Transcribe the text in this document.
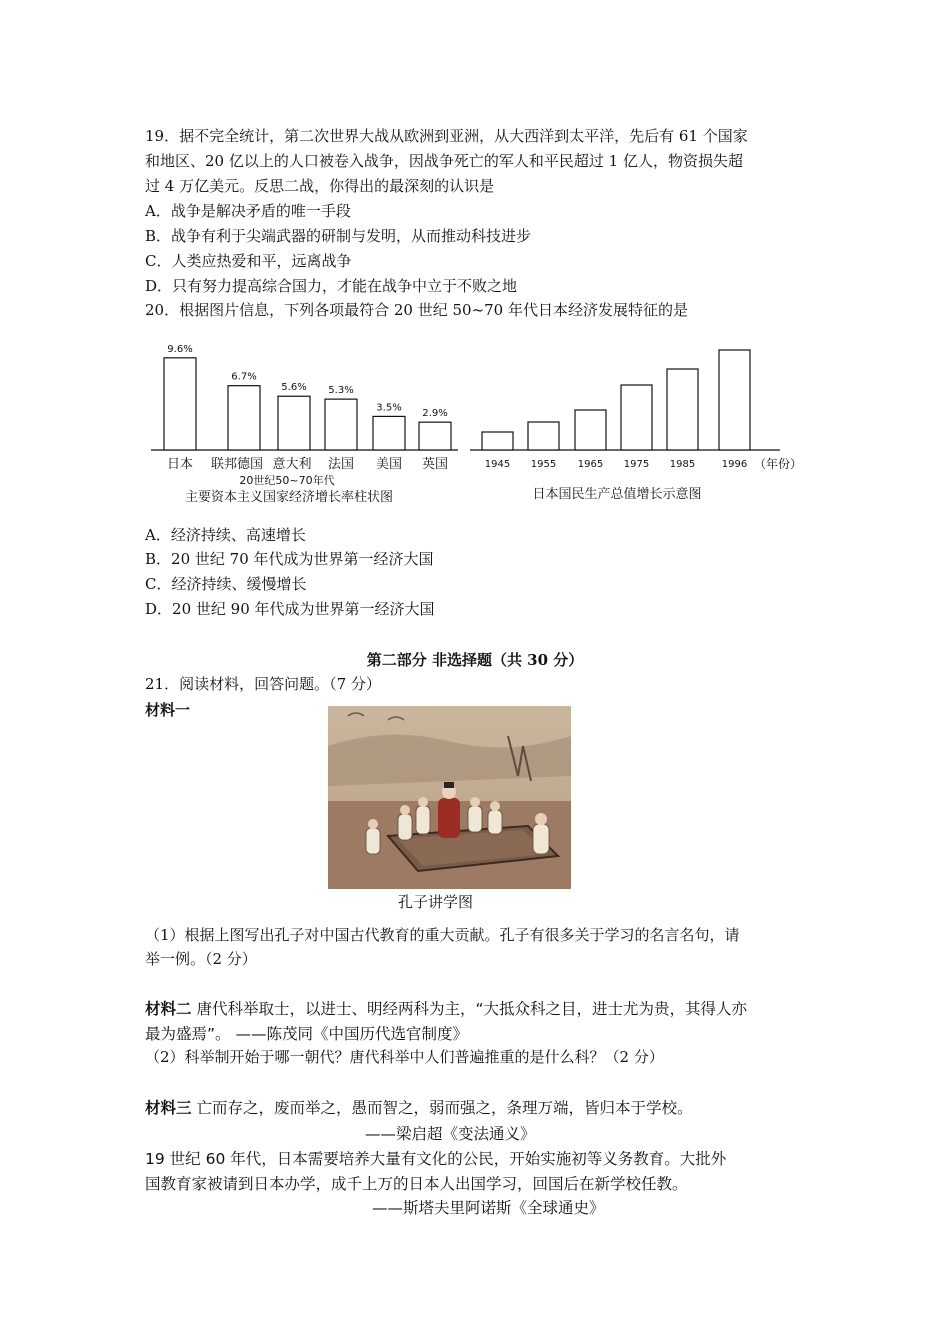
19．据不完全统计，第二次世界大战从欧洲到亚洲，从大西洋到太平洋，先后有 61 个国家
和地区、20 亿以上的人口被卷入战争，因战争死亡的军人和平民超过 1 亿人，物资损失超
过 4 万亿美元。反思二战，你得出的最深刻的认识是
A．战争是解决矛盾的唯一手段
B．战争有利于尖端武器的研制与发明，从而推动科技进步
C．人类应热爱和平，远离战争
D．只有努力提高综合国力，才能在战争中立于不败之地
20．根据图片信息，下列各项最符合 20 世纪 50~70 年代日本经济发展特征的是
9.6%
日本
6.7%
联邦德国
5.6%
意大利
5.3%
法国
3.5%
美国
2.9%
英国
20世纪50~70年代
主要资本主义国家经济增长率柱状图
1945 1955 1965 1975 1985	1996 （年份）
日本国民生产总值增长示意图
A．经济持续、高速增长
B．20 世纪 70 年代成为世界第一经济大国
C．经济持续、缓慢增长
D．20 世纪 90 年代成为世界第一经济大国
第二部分 非选择题（共 30 分）
21．阅读材料，回答问题。（7 分）
材料一
孔子讲学图
（1）根据上图写出孔子对中国古代教育的重大贡献。孔子有很多关于学习的名言名句，请
举一例。（2 分）
材料二 唐代科举取士，以进士、明经两科为主，“大抵众科之目，进士尤为贵，其得人亦
最为盛焉”。 ——陈茂同《中国历代选官制度》
（2）科举制开始于哪一朝代？唐代科举中人们普遍推重的是什么科？（2 分）
材料三 亡而存之，废而举之，愚而智之，弱而强之，条理万端，皆归本于学校。
——梁启超《变法通义》
19 世纪 60 年代，日本需要培养大量有文化的公民，开始实施初等义务教育。大批外
国教育家被请到日本办学，成千上万的日本人出国学习，回国后在新学校任教。
——斯塔夫里阿诺斯《全球通史》
